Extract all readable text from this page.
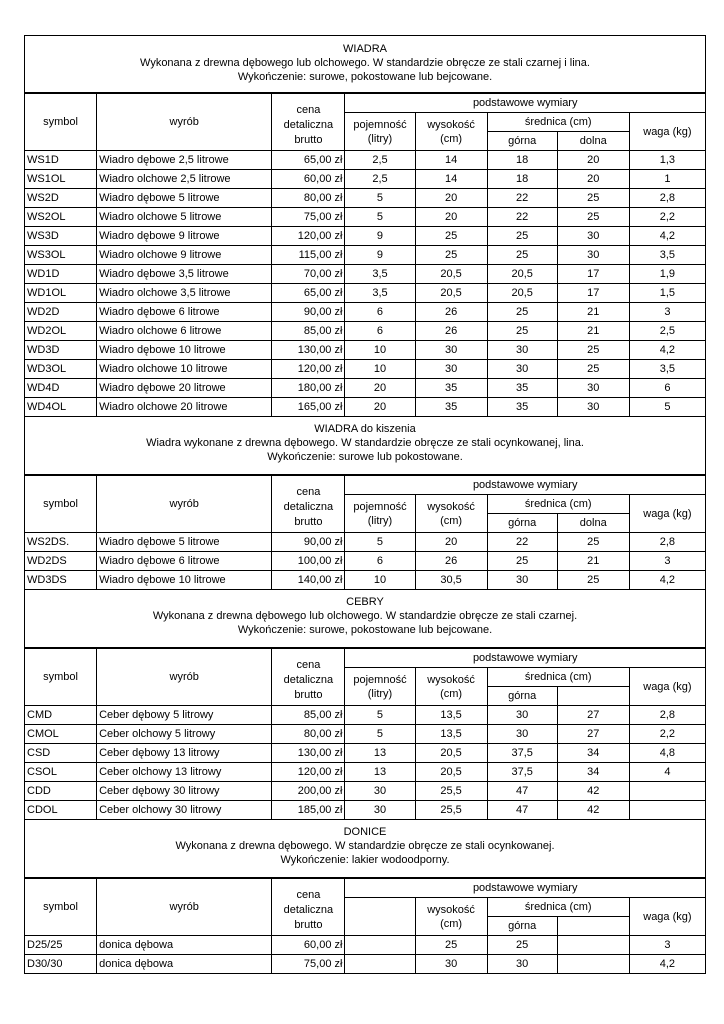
WIADRA
Wykonana z drewna dębowego lub olchowego. W standardzie obręcze ze stali czarnej i lina.
Wykończenie: surowe, pokostowane lub bejcowane.
symbol	wyrób	cena detaliczna brutto	podstawowe wymiary				
			pojemność (litry)	wysokość (cm)	średnica (cm)		waga (kg)
					górna	dolna	
WS1D	Wiadro dębowe 2,5 litrowe	65,00 zł	2,5	14	18	20	1,3
WS1OL	Wiadro olchowe 2,5 litrowe	60,00 zł	2,5	14	18	20	1
WS2D	Wiadro dębowe 5 litrowe	80,00 zł	5	20	22	25	2,8
WS2OL	Wiadro olchowe 5 litrowe	75,00 zł	5	20	22	25	2,2
WS3D	Wiadro dębowe 9 litrowe	120,00 zł	9	25	25	30	4,2
WS3OL	Wiadro olchowe 9 litrowe	115,00 zł	9	25	25	30	3,5
WD1D	Wiadro dębowe 3,5 litrowe	70,00 zł	3,5	20,5	20,5	17	1,9
WD1OL	Wiadro olchowe 3,5 litrowe	65,00 zł	3,5	20,5	20,5	17	1,5
WD2D	Wiadro dębowe 6 litrowe	90,00 zł	6	26	25	21	3
WD2OL	Wiadro olchowe 6 litrowe	85,00 zł	6	26	25	21	2,5
WD3D	Wiadro dębowe 10 litrowe	130,00 zł	10	30	30	25	4,2
WD3OL	Wiadro olchowe 10 litrowe	120,00 zł	10	30	30	25	3,5
WD4D	Wiadro dębowe 20 litrowe	180,00 zł	20	35	35	30	6
WD4OL	Wiadro olchowe 20 litrowe	165,00 zł	20	35	35	30	5
WIADRA do kiszenia
Wiadra wykonane z drewna dębowego. W standardzie obręcze ze stali ocynkowanej, lina.
Wykończenie: surowe lub pokostowane.
symbol	wyrób	cena detaliczna brutto	podstawowe wymiary				
			pojemność (litry)	wysokość (cm)	średnica (cm)		waga (kg)
					górna	dolna	
WS2DS.	Wiadro dębowe 5 litrowe	90,00 zł	5	20	22	25	2,8
WD2DS	Wiadro dębowe 6 litrowe	100,00 zł	6	26	25	21	3
WD3DS	Wiadro dębowe 10 litrowe	140,00 zł	10	30,5	30	25	4,2
CEBRY
Wykonana z drewna dębowego lub olchowego. W standardzie obręcze ze stali czarnej.
Wykończenie: surowe, pokostowane lub bejcowane.
symbol	wyrób	cena detaliczna brutto	podstawowe wymiary				
			pojemność (litry)	wysokość (cm)	średnica (cm)		waga (kg)
					górna		
CMD	Ceber dębowy 5 litrowy	85,00 zł	5	13,5	30	27	2,8
CMOL	Ceber olchowy 5 litrowy	80,00 zł	5	13,5	30	27	2,2
CSD	Ceber dębowy 13 litrowy	130,00 zł	13	20,5	37,5	34	4,8
CSOL	Ceber olchowy 13 litrowy	120,00 zł	13	20,5	37,5	34	4
CDD	Ceber dębowy 30 litrowy	200,00 zł	30	25,5	47	42	
CDOL	Ceber olchowy 30 litrowy	185,00 zł	30	25,5	47	42	
DONICE
Wykonana z drewna dębowego. W standardzie obręcze ze stali ocynkowanej.
Wykończenie: lakier wodoodporny.
symbol	wyrób	cena detaliczna brutto	podstawowe wymiary				
				wysokość (cm)	średnica (cm)		waga (kg)
					górna		
D25/25	donica dębowa	60,00 zł		25	25		3
D30/30	donica dębowa	75,00 zł		30	30		4,2
